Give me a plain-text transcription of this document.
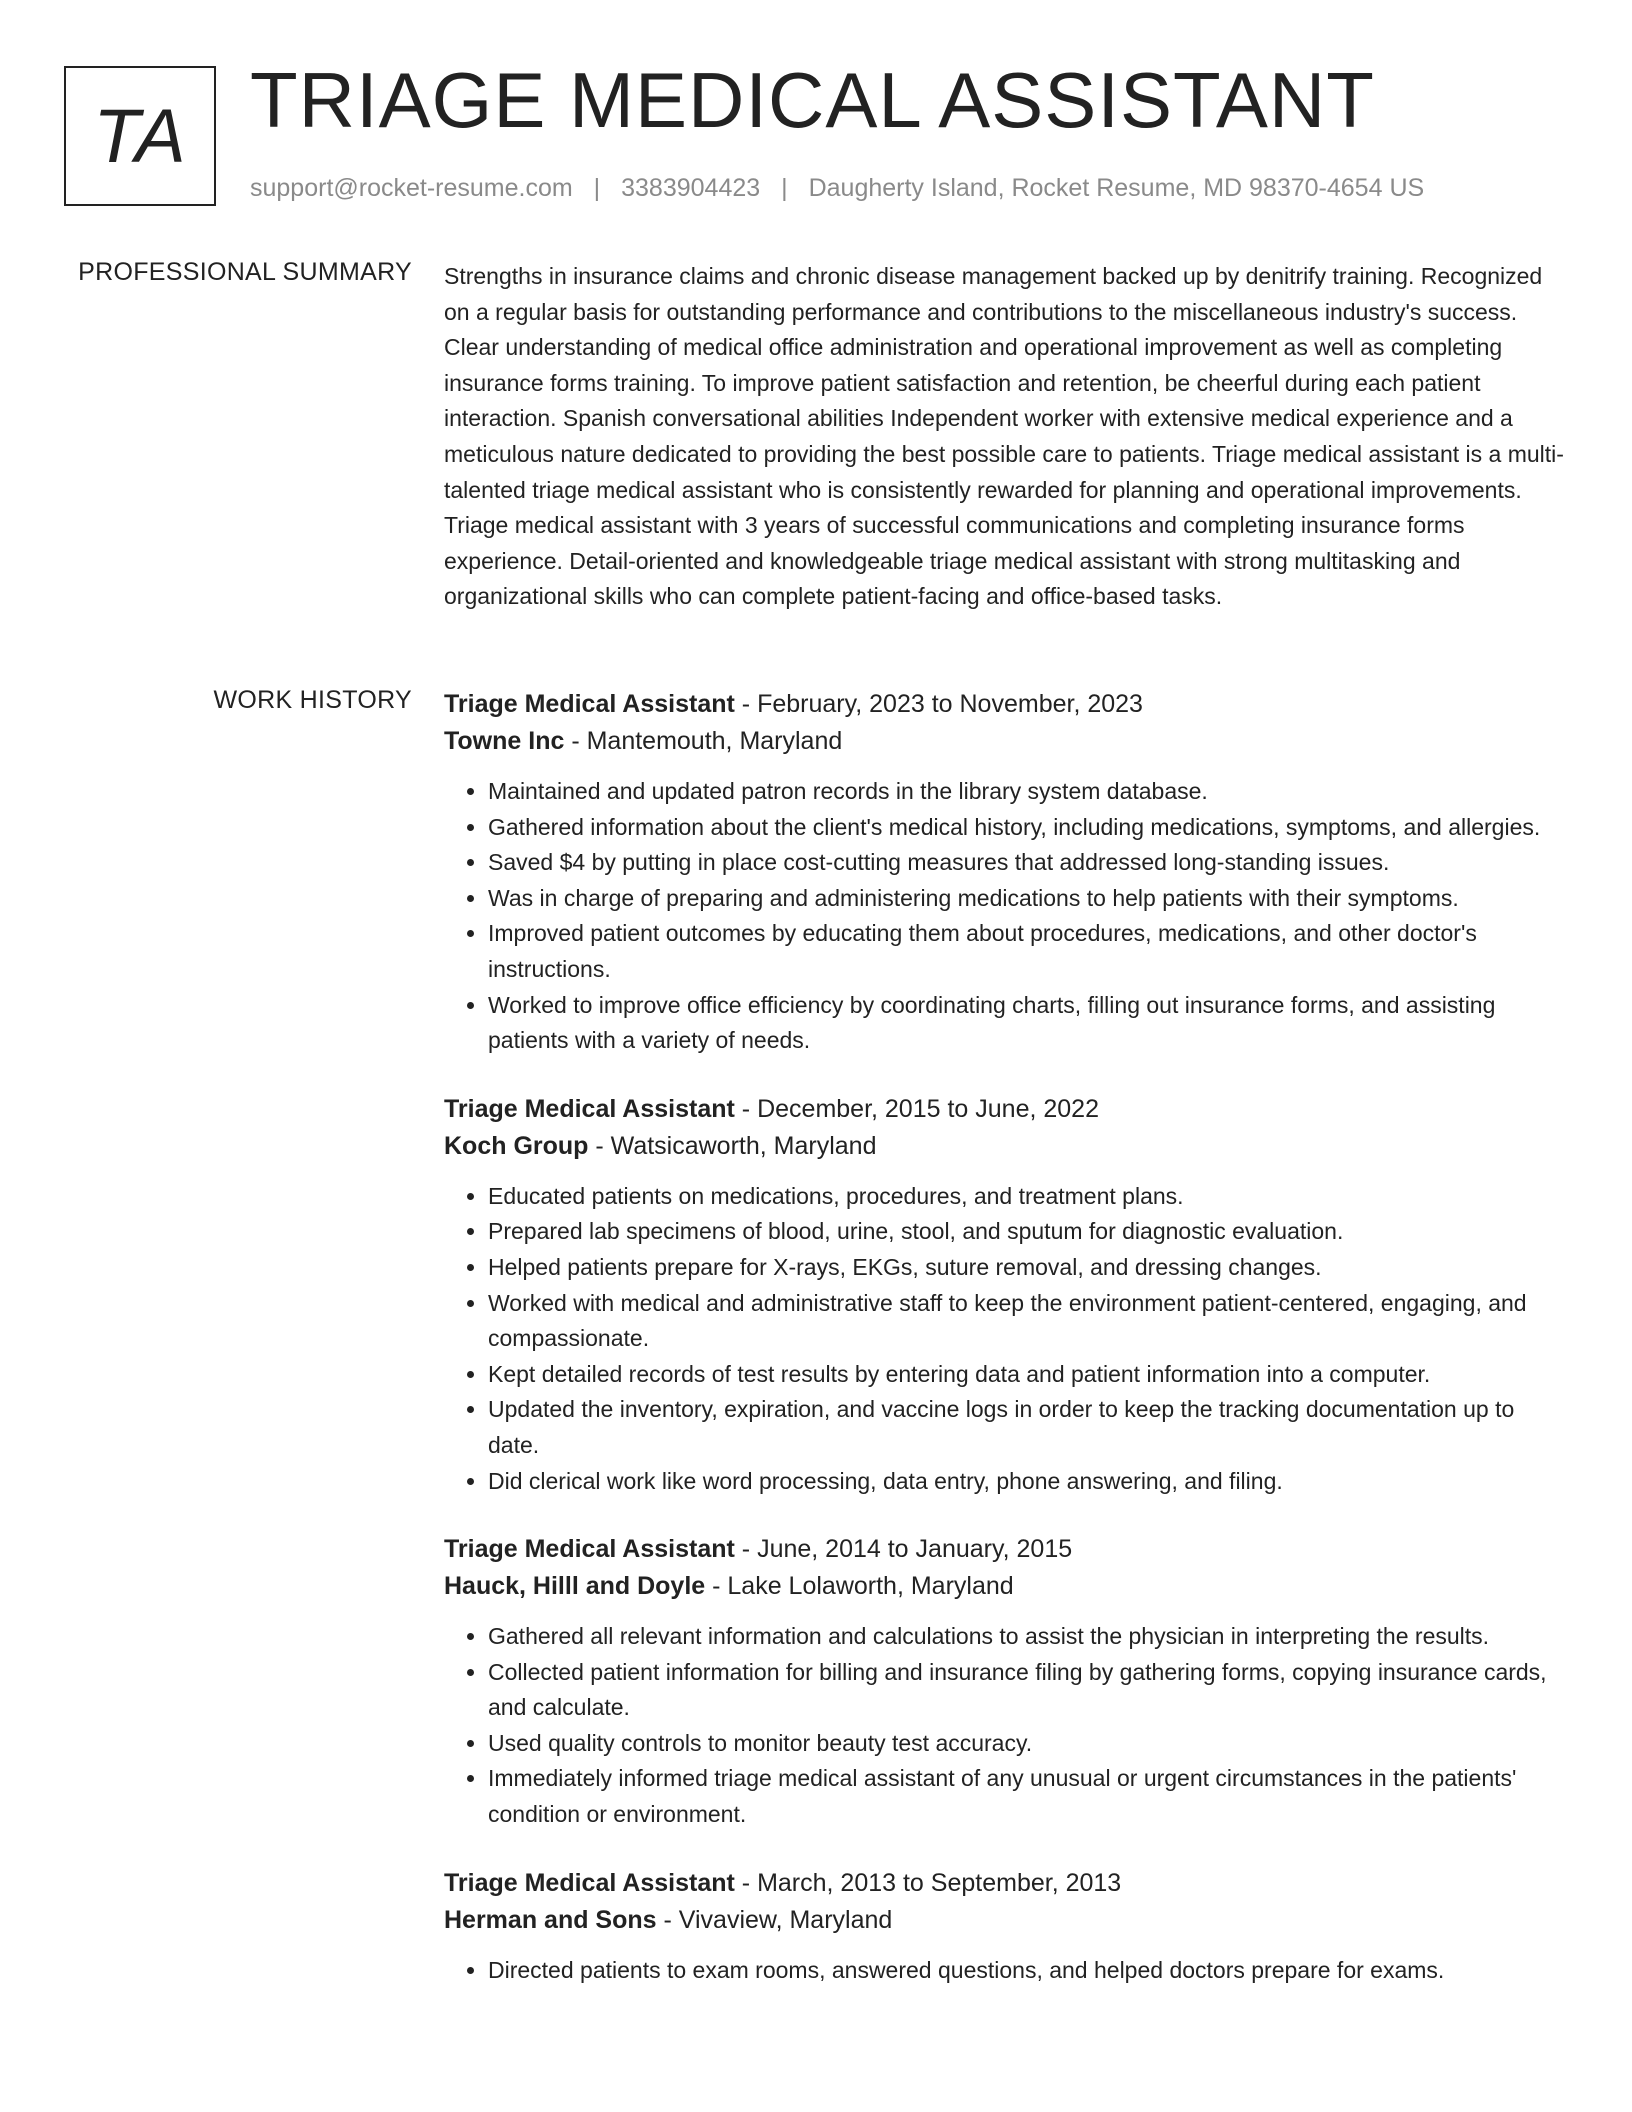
TA TRIAGE MEDICAL ASSISTANT
support@rocket-resume.com | 3383904423 | Daugherty Island, Rocket Resume, MD 98370-4654 US
PROFESSIONAL SUMMARY Strengths in insurance claims and chronic disease management backed up by denitrify training. Recognized on a regular basis for outstanding performance and contributions to the miscellaneous industry's success. Clear understanding of medical office administration and operational improvement as well as completing insurance forms training. To improve patient satisfaction and retention, be cheerful during each patient interaction. Spanish conversational abilities Independent worker with extensive medical experience and a meticulous nature dedicated to providing the best possible care to patients. Triage medical assistant is a multi-talented triage medical assistant who is consistently rewarded for planning and operational improvements. Triage medical assistant with 3 years of successful communications and completing insurance forms experience. Detail-oriented and knowledgeable triage medical assistant with strong multitasking and organizational skills who can complete patient-facing and office-based tasks.
WORK HISTORY Triage Medical Assistant - February, 2023 to November, 2023
Towne Inc - Mantemouth, Maryland
• Maintained and updated patron records in the library system database.
• Gathered information about the client's medical history, including medications, symptoms, and allergies.
• Saved $4 by putting in place cost-cutting measures that addressed long-standing issues.
• Was in charge of preparing and administering medications to help patients with their symptoms.
• Improved patient outcomes by educating them about procedures, medications, and other doctor's instructions.
• Worked to improve office efficiency by coordinating charts, filling out insurance forms, and assisting patients with a variety of needs.
Triage Medical Assistant - December, 2015 to June, 2022
Koch Group - Watsicaworth, Maryland
• Educated patients on medications, procedures, and treatment plans.
• Prepared lab specimens of blood, urine, stool, and sputum for diagnostic evaluation.
• Helped patients prepare for X-rays, EKGs, suture removal, and dressing changes.
• Worked with medical and administrative staff to keep the environment patient-centered, engaging, and compassionate.
• Kept detailed records of test results by entering data and patient information into a computer.
• Updated the inventory, expiration, and vaccine logs in order to keep the tracking documentation up to date.
• Did clerical work like word processing, data entry, phone answering, and filing.
Triage Medical Assistant - June, 2014 to January, 2015
Hauck, Hilll and Doyle - Lake Lolaworth, Maryland
• Gathered all relevant information and calculations to assist the physician in interpreting the results.
• Collected patient information for billing and insurance filing by gathering forms, copying insurance cards, and calculate.
• Used quality controls to monitor beauty test accuracy.
• Immediately informed triage medical assistant of any unusual or urgent circumstances in the patients' condition or environment.
Triage Medical Assistant - March, 2013 to September, 2013
Herman and Sons - Vivaview, Maryland
• Directed patients to exam rooms, answered questions, and helped doctors prepare for exams.
